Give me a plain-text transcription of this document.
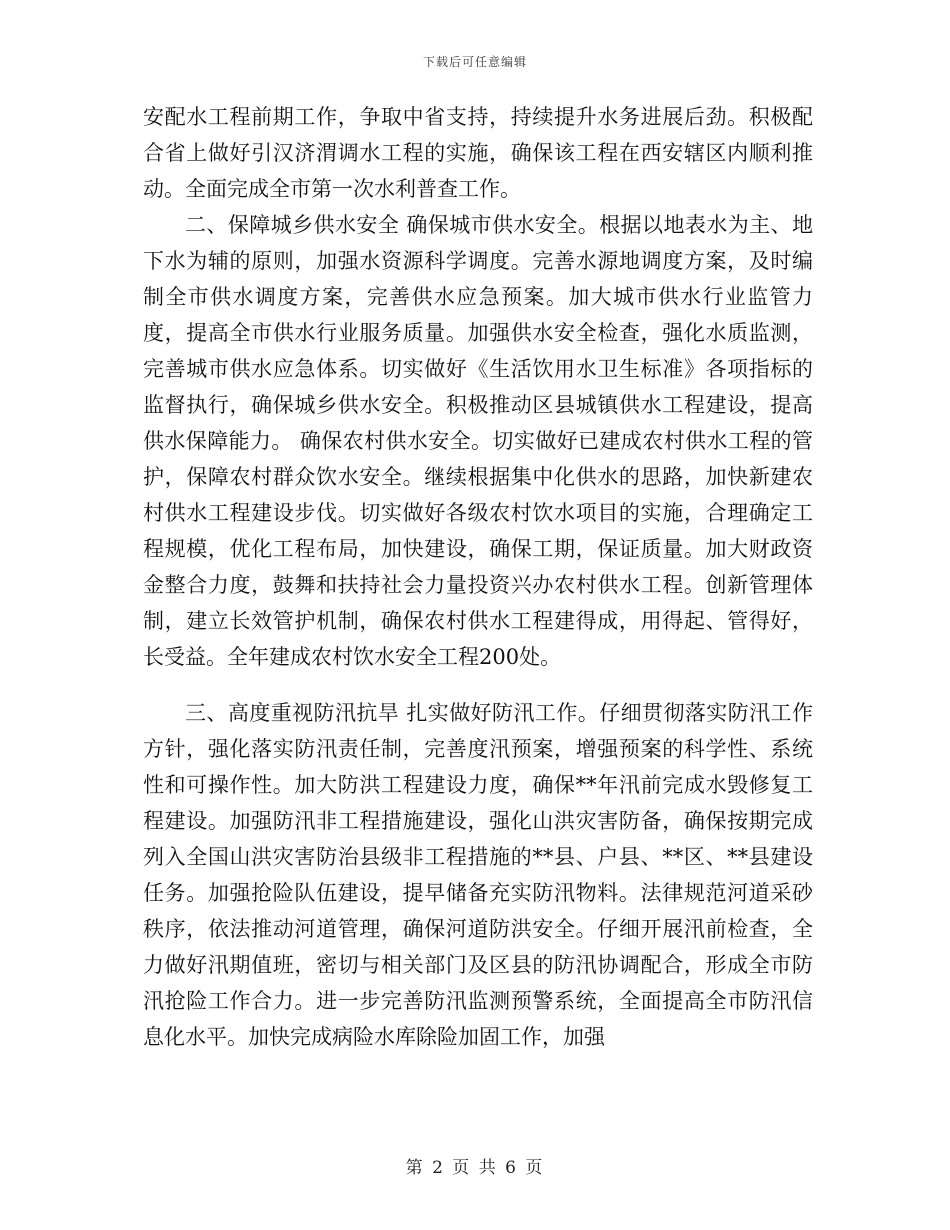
下载后可任意编辑

安配水工程前期工作，争取中省支持，持续提升水务进展后劲。积极配合省上做好引汉济渭调水工程的实施，确保该工程在西安辖区内顺利推动。全面完成全市第一次水利普查工作。

二、保障城乡供水安全 确保城市供水安全。根据以地表水为主、地下水为辅的原则，加强水资源科学调度。完善水源地调度方案，及时编制全市供水调度方案，完善供水应急预案。加大城市供水行业监管力度，提高全市供水行业服务质量。加强供水安全检查，强化水质监测，完善城市供水应急体系。切实做好《生活饮用水卫生标准》各项指标的监督执行，确保城乡供水安全。积极推动区县城镇供水工程建设，提高供水保障能力。 确保农村供水安全。切实做好已建成农村供水工程的管护，保障农村群众饮水安全。继续根据集中化供水的思路，加快新建农村供水工程建设步伐。切实做好各级农村饮水项目的实施，合理确定工程规模，优化工程布局，加快建设，确保工期，保证质量。加大财政资金整合力度，鼓舞和扶持社会力量投资兴办农村供水工程。创新管理体制，建立长效管护机制，确保农村供水工程建得成，用得起、管得好，长受益。全年建成农村饮水安全工程200处。

三、高度重视防汛抗旱 扎实做好防汛工作。仔细贯彻落实防汛工作方针，强化落实防汛责任制，完善度汛预案，增强预案的科学性、系统性和可操作性。加大防洪工程建设力度，确保**年汛前完成水毁修复工程建设。加强防汛非工程措施建设，强化山洪灾害防备，确保按期完成列入全国山洪灾害防治县级非工程措施的**县、户县、**区、**县建设任务。加强抢险队伍建设，提早储备充实防汛物料。法律规范河道采砂秩序，依法推动河道管理，确保河道防洪安全。仔细开展汛前检查，全力做好汛期值班，密切与相关部门及区县的防汛协调配合，形成全市防汛抢险工作合力。进一步完善防汛监测预警系统，全面提高全市防汛信息化水平。加快完成病险水库除险加固工作，加强

第 2 页 共 6 页
